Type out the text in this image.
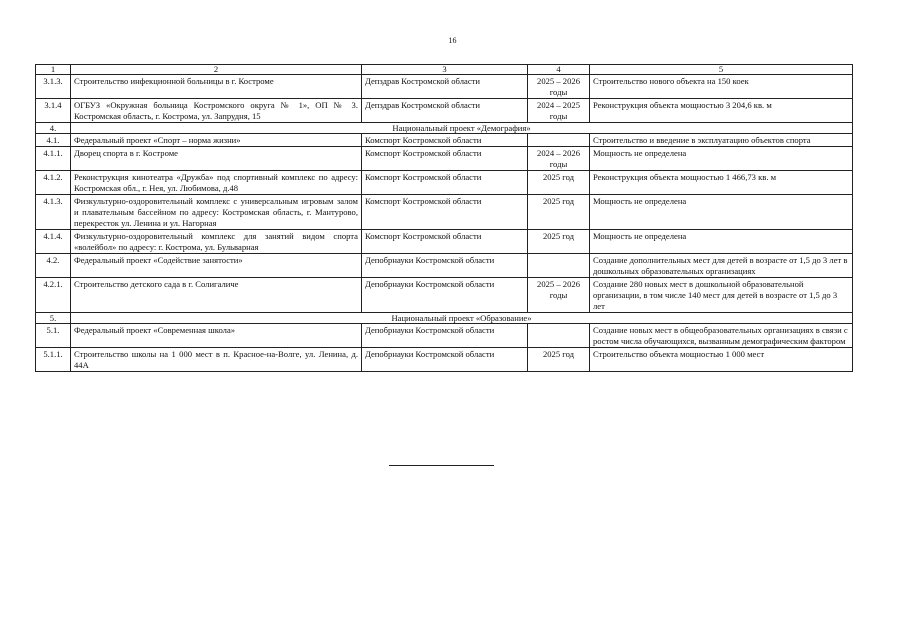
16
1	2	3	4	5
3.1.3.	Строительство инфекционной больницы в г. Костроме	Депздрав Костромской области	2025 – 2026 годы	Строительство нового объекта на 150 коек
3.1.4	ОГБУЗ «Окружная больница Костромского округа № 1», ОП № 3. Костромская область, г. Кострома, ул. Запрудня, 15	Депздрав Костромской области	2024 – 2025 годы	Реконструкция объекта мощностью 3 204,6 кв. м
4.	Национальный проект «Демография»			
4.1.	Федеральный проект «Спорт – норма жизни»	Комспорт Костромской области		Строительство и введение в эксплуатацию объектов спорта
4.1.1.	Дворец спорта в г. Костроме	Комспорт Костромской области	2024 – 2026 годы	Мощность не определена
4.1.2.	Реконструкция кинотеатра «Дружба» под спортивный комплекс по адресу: Костромская обл., г. Нея, ул. Любимова, д.48	Комспорт Костромской области	2025 год	Реконструкция объекта мощностью 1 466,73 кв. м
4.1.3.	Физкультурно-оздоровительный комплекс с универсальным игровым залом и плавательным бассейном по адресу: Костромская область, г. Мантурово, перекресток ул. Ленина и ул. Нагорная	Комспорт Костромской области	2025 год	Мощность не определена
4.1.4.	Физкультурно-оздоровительный комплекс для занятий видом спорта «волейбол» по адресу: г. Кострома, ул. Бульварная	Комспорт Костромской области	2025 год	Мощность не определена
4.2.	Федеральный проект «Содействие занятости»	Депобрнауки Костромской области		Создание дополнительных мест для детей в возрасте от 1,5 до 3 лет в дошкольных образовательных организациях
4.2.1.	Строительство детского сада в г. Солигаличе	Депобрнауки Костромской области	2025 – 2026 годы	Создание 280 новых мест в дошкольной образовательной организации, в том числе 140 мест для детей в возрасте от 1,5 до 3 лет
5.	Национальный проект «Образование»			
5.1.	Федеральный проект «Современная школа»	Депобрнауки Костромской области		Создание новых мест в общеобразовательных организациях в связи с ростом числа обучающихся, вызванным демографическим фактором
5.1.1.	Строительство школы на 1 000 мест в п. Красное-на-Волге, ул. Ленина, д. 44А	Депобрнауки Костромской области	2025 год	Строительство объекта мощностью 1 000 мест
